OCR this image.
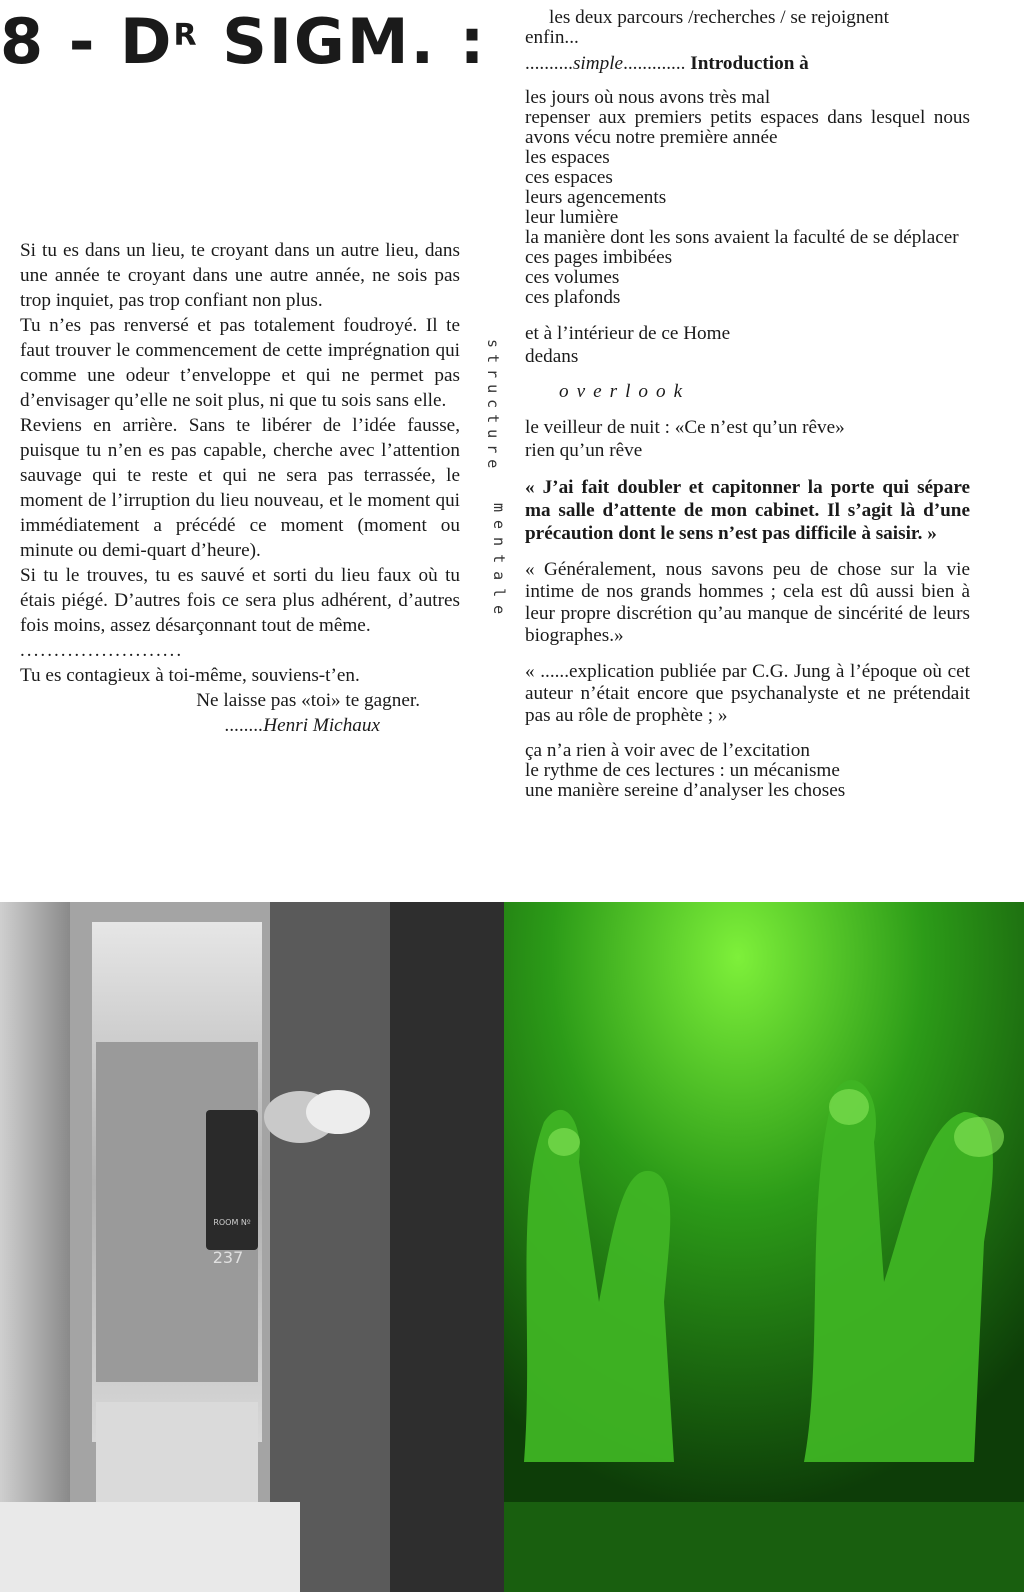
$8 - D^R$ SIGM. :

Si tu es dans un lieu, te croyant dans un autre lieu, dans une année te croyant dans une autre année, ne sois pas trop inquiet, pas trop confiant non plus.

Tu n’es pas renversé et pas totalement foudroyé. Il te faut trouver le commencement de cette imprégnation qui comme une odeur t’enveloppe et qui ne permet pas d’envisager qu’elle ne soit plus, ni que tu sois sans elle.

Reviens en arrière. Sans te libérer de l’idée fausse, puisque tu n’en es pas capable, cherche avec l’attention sauvage qui te reste et qui ne sera pas terrassée, le moment de l’irruption du lieu nouveau, et le moment qui immédiatement a précédé ce moment (moment ou minute ou demi-quart d’heure).

Si tu le trouves, tu es sauvé et sorti du lieu faux où tu étais piégé. D’autres fois ce sera plus adhérent, d’autres fois moins, assez désarçonnant tout de même.

........................

Tu es contagieux à toi-même, souviens-t’en.

Ne laisse pas «toi» te gagner.

........Henri Michaux

structure
mentale

les deux parcours /recherches / se rejoignent

enfin...

..........simple............. Introduction à

les jours où nous avons très mal

repenser aux premiers petits espaces dans lesquel nous avons vécu notre première année

les espaces

ces espaces

leurs agencements

leur lumière

la manière dont les sons avaient la faculté de se déplacer

ces pages imbibées

ces volumes

ces plafonds

et à l’intérieur de ce Home

dedans

overlook

le veilleur de nuit : «Ce n’est qu’un rêve»

rien qu’un rêve

« J’ai fait doubler et capitonner la porte qui sépare ma salle d’attente de mon cabinet. Il s’agit là d’une précaution dont le sens n’est pas difficile à saisir. »

« Généralement, nous savons peu de chose sur la vie intime de nos grands hommes ; cela est dû aussi bien à leur propre discrétion qu’au manque de sincérité de leurs biographes.»

« ......explication publiée par C.G. Jung à l’époque où cet auteur n’était encore que psychanalyste et ne prétendait pas au rôle de prophète ; »

ça n’a rien à voir avec de l’excitation

le rythme de ces lectures : un mécanisme

une manière sereine d’analyser les choses

ROOM Nº
237
